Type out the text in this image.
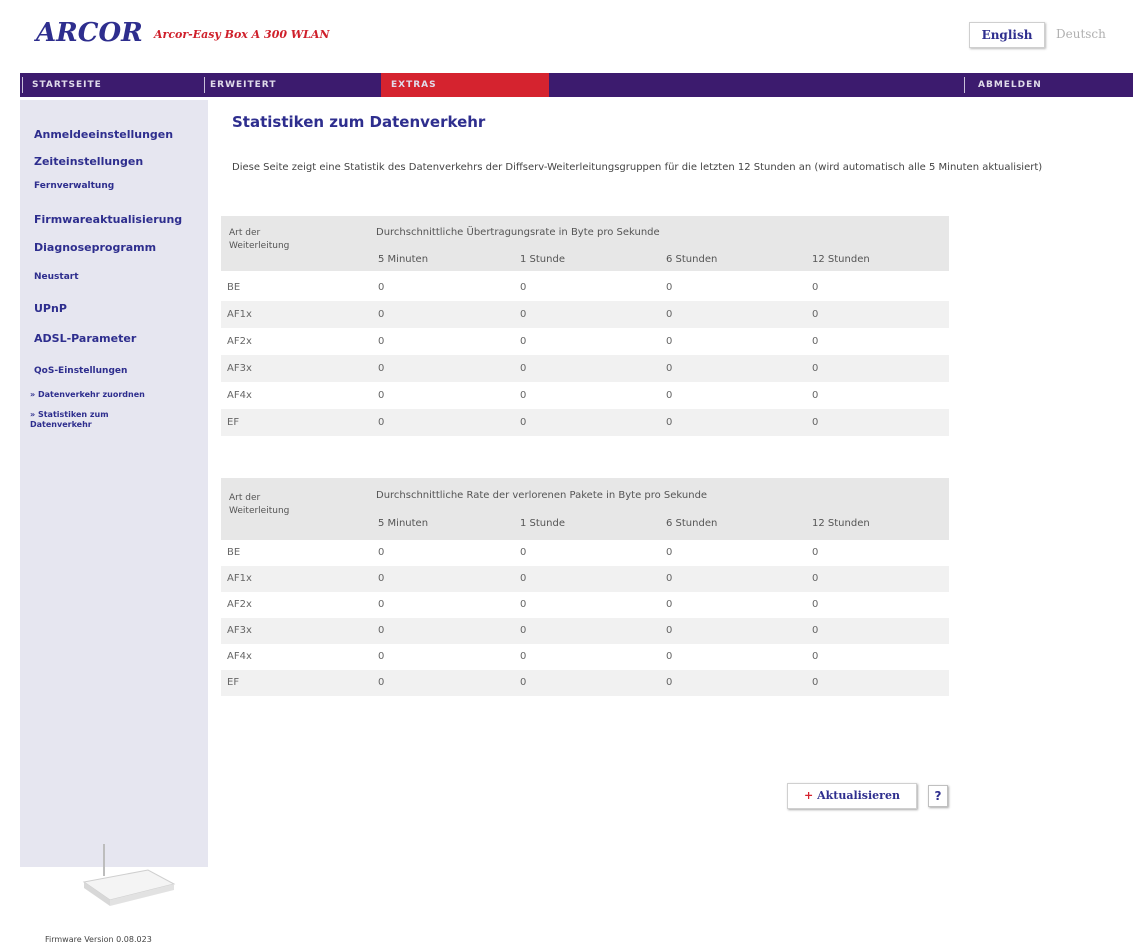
ARCOR Arcor-Easy Box A 300 WLAN	English	Deutsch
STARTSEITE	ERWEITERT	EXTRAS	ABMELDEN
Anmeldeeinstellungen
Zeiteinstellungen
Fernverwaltung
Firmwareaktualisierung
Diagnoseprogramm
Neustart
UPnP
ADSL-Parameter
QoS-Einstellungen
» Datenverkehr zuordnen
» Statistiken zum Datenverkehr
Firmware Version 0.08.023
Statistiken zum Datenverkehr
Diese Seite zeigt eine Statistik des Datenverkehrs der Diffserv-Weiterleitungsgruppen für die letzten 12 Stunden an (wird automatisch alle 5 Minuten aktualisiert)
Art der Weiterleitung
Durchschnittliche Übertragungsrate in Byte pro Sekunde
5 Minuten	1 Stunde	6 Stunden	12 Stunden
BE	0	0	0	0
AF1x	0	0	0	0
AF2x	0	0	0	0
AF3x	0	0	0	0
AF4x	0	0	0	0
EF	0	0	0	0
Art der Weiterleitung
Durchschnittliche Rate der verlorenen Pakete in Byte pro Sekunde
5 Minuten	1 Stunde	6 Stunden	12 Stunden
BE	0	0	0	0
AF1x	0	0	0	0
AF2x	0	0	0	0
AF3x	0	0	0	0
AF4x	0	0	0	0
EF	0	0	0	0
+ Aktualisieren	?
